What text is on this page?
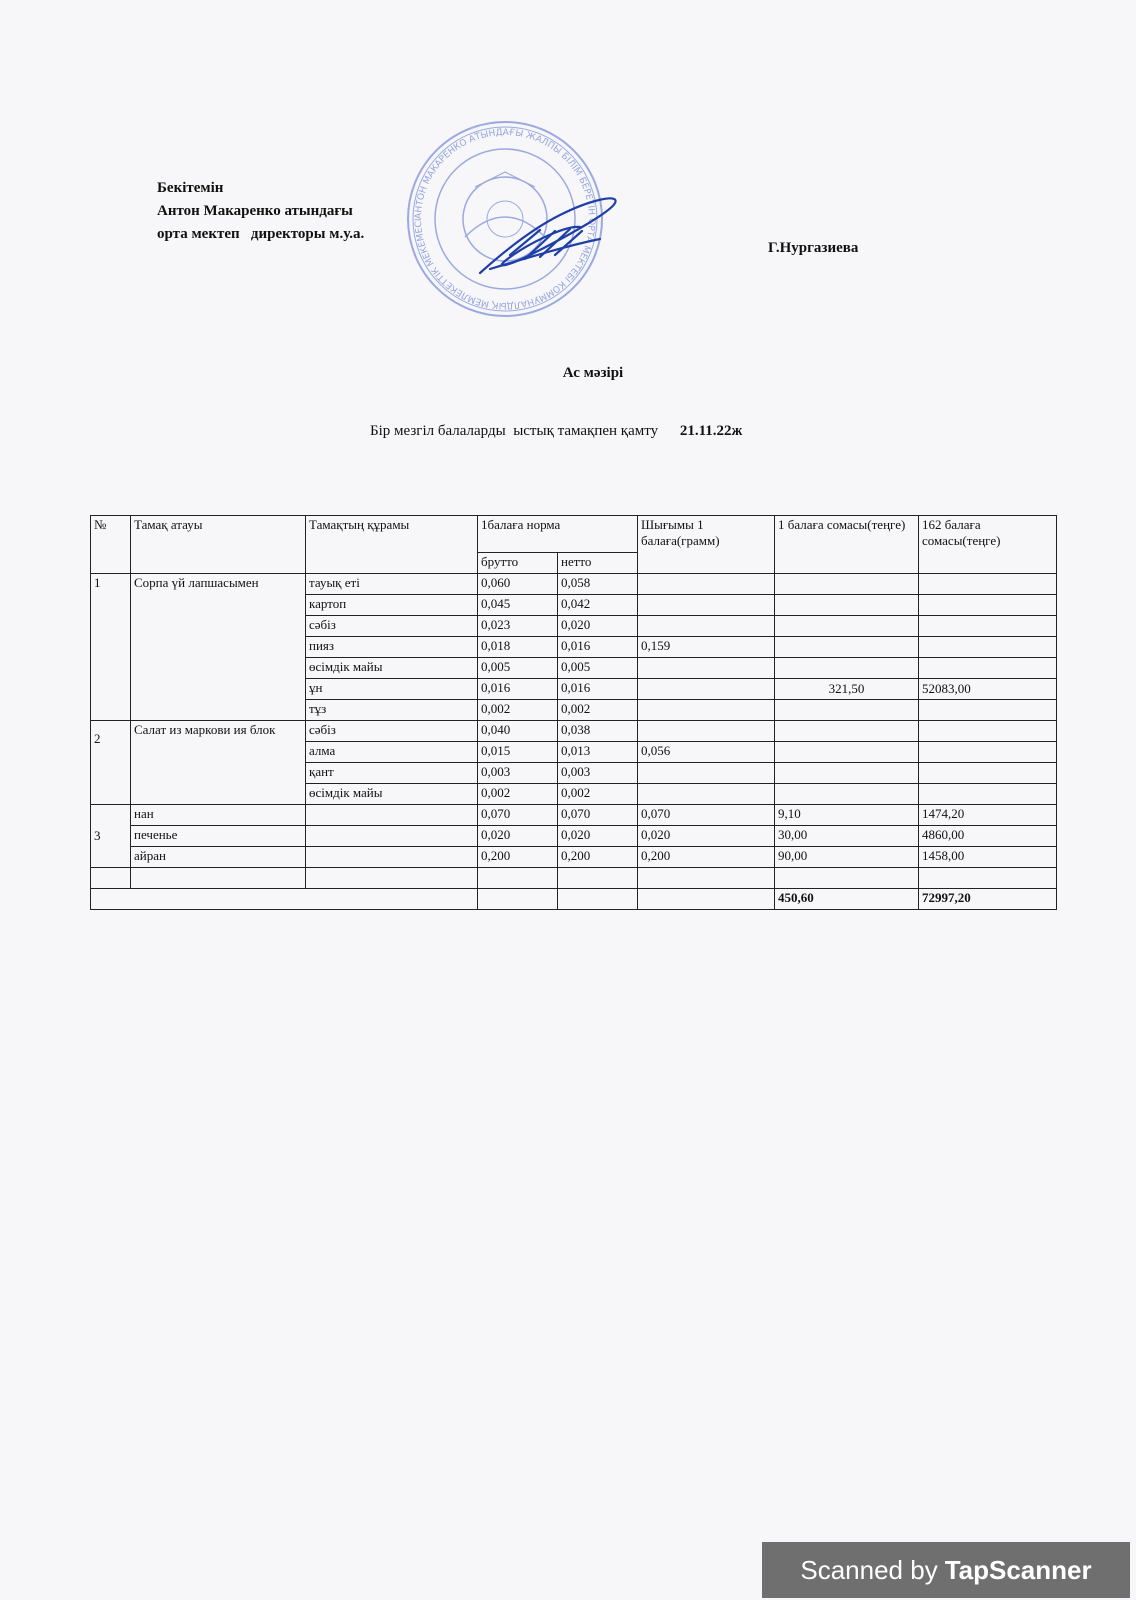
Бекітемін
Антон Макаренко атындағы
орта мектеп   директоры м.у.а.
АНТОН МАКАРЕНКО АТЫНДАҒЫ ЖАЛПЫ БІЛІМ БЕРЕТІН ОРТА МЕКТЕБІ КОММУНАЛДЫҚ МЕМЛЕКЕТТІК МЕКЕМЕСІ
Г.Нургазиева
Ас мәзірі
Бір мезгіл балаларды  ыстық тамақпен қамту 21.11.22ж
№	Тамақ атауы	Тамақтың құрамы	1балаға норма		Шығымы 1 балаға(грамм)	1 балаға сомасы(теңге)	162 балаға сомасы(теңге)
			брутто	нетто			
1	Сорпа үй лапшасымен	тауық еті	0,060	0,058			
		картоп	0,045	0,042			
		сәбіз	0,023	0,020			
		пияз	0,018	0,016	0,159		
		өсімдік майы	0,005	0,005			
		ұн	0,016	0,016		321,50	52083,00
		тұз	0,002	0,002			
2	Салат из маркови ия блок	сәбіз	0,040	0,038			
		алма	0,015	0,013	0,056		
		қант	0,003	0,003			
		өсімдік майы	0,002	0,002			
3	нан		0,070	0,070	0,070	9,10	1474,20
	печенье		0,020	0,020	0,020	30,00	4860,00
	айран		0,200	0,200	0,200	90,00	1458,00

						450,60	72997,20
Scanned by TapScanner
